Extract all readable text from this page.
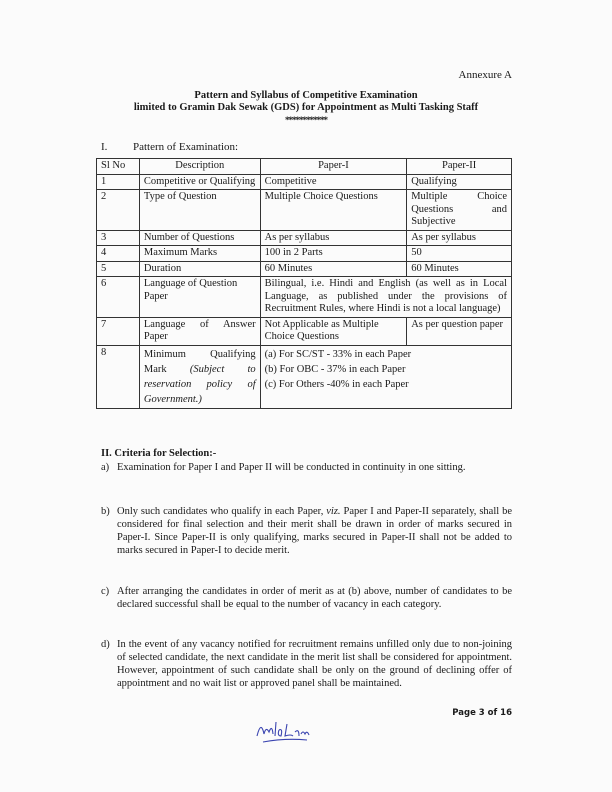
Annexure A
Pattern and Syllabus of Competitive Examination
limited to Gramin Dak Sewak (GDS) for Appointment as Multi Tasking Staff
************
I. Pattern of Examination:
Sl No	Description	Paper-I	Paper-II
1	Competitive or Qualifying	Competitive	Qualifying
2	Type of Question	Multiple Choice Questions	Multiple Choice Questions and Subjective
3	Number of Questions	As per syllabus	As per syllabus
4	Maximum Marks	100 in 2 Parts	50
5	Duration	60 Minutes	60 Minutes
6	Language of Question Paper	Bilingual, i.e. Hindi and English (as well as in Local Language, as published under the provisions of Recruitment Rules, where Hindi is not a local language)	
7	Language of Answer Paper	Not Applicable as Multiple Choice Questions	As per question paper
8	Minimum Qualifying Mark (Subject to reservation policy of Government.)	(a) For SC/ST - 33% in each Paper
(b) For OBC - 37% in each Paper
(c) For Others -40% in each Paper	
II. Criteria for Selection:-
a) Examination for Paper I and Paper II will be conducted in continuity in one sitting.
b) Only such candidates who qualify in each Paper, viz. Paper I and Paper-II separately, shall be considered for final selection and their merit shall be drawn in order of marks secured in Paper-I. Since Paper-II is only qualifying, marks secured in Paper-II shall not be added to marks secured in Paper-I to decide merit.
c) After arranging the candidates in order of merit as at (b) above, number of candidates to be declared successful shall be equal to the number of vacancy in each category.
d) In the event of any vacancy notified for recruitment remains unfilled only due to non-joining of selected candidate, the next candidate in the merit list shall be considered for appointment. However, appointment of such candidate shall be only on the ground of declining offer of appointment and no wait list or approved panel shall be maintained.
Page 3 of 16
